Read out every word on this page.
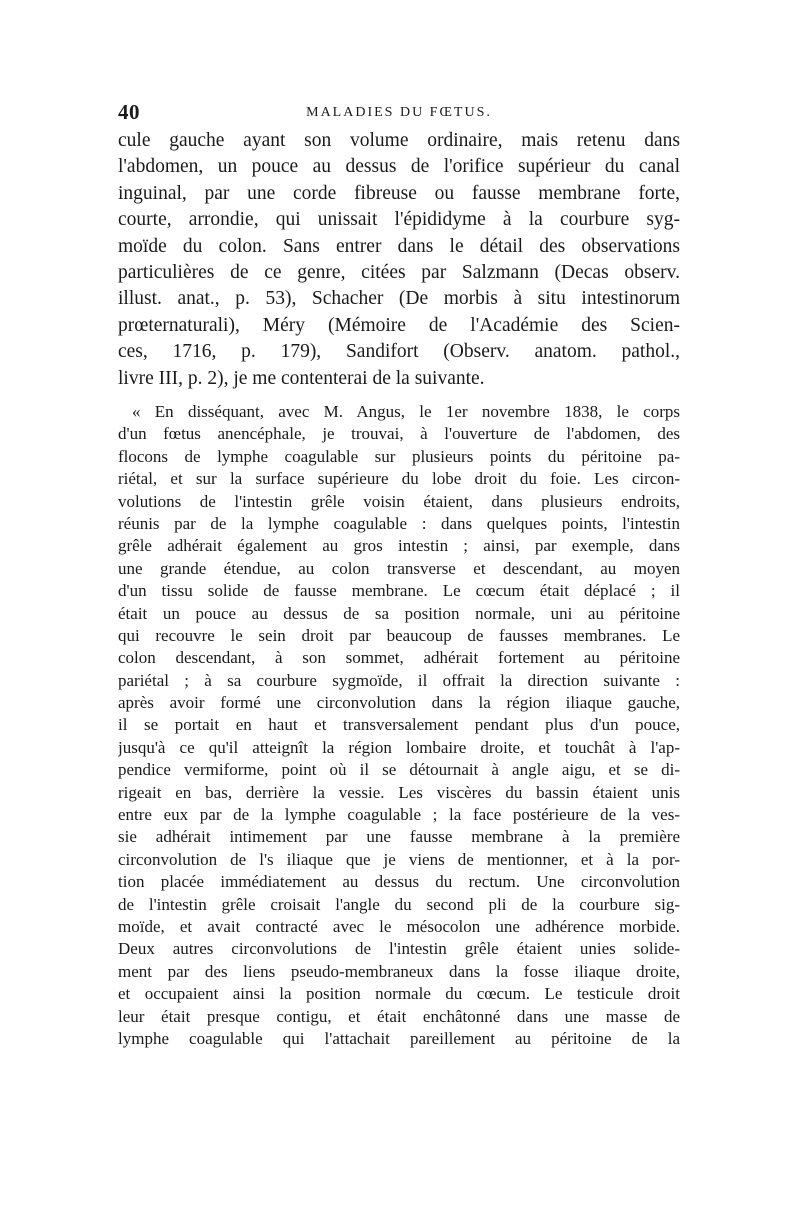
40	MALADIES DU FŒTUS.
cule gauche ayant son volume ordinaire, mais retenu dans
l'abdomen, un pouce au dessus de l'orifice supérieur du canal
inguinal, par une corde fibreuse ou fausse membrane forte,
courte, arrondie, qui unissait l'épididyme à la courbure syg-
moïde du colon. Sans entrer dans le détail des observations
particulières de ce genre, citées par Salzmann (Decas observ.
illust. anat., p. 53), Schacher (De morbis à situ intestinorum
prœternaturali), Méry (Mémoire de l'Académie des Scien-
ces, 1716, p. 179), Sandifort (Observ. anatom. pathol.,
livre III, p. 2), je me contenterai de la suivante.
« En disséquant, avec M. Angus, le 1er novembre 1838, le corps
d'un fœtus anencéphale, je trouvai, à l'ouverture de l'abdomen, des
flocons de lymphe coagulable sur plusieurs points du péritoine pa-
riétal, et sur la surface supérieure du lobe droit du foie. Les circon-
volutions de l'intestin grêle voisin étaient, dans plusieurs endroits,
réunis par de la lymphe coagulable : dans quelques points, l'intestin
grêle adhérait également au gros intestin ; ainsi, par exemple, dans
une grande étendue, au colon transverse et descendant, au moyen
d'un tissu solide de fausse membrane. Le cœcum était déplacé ; il
était un pouce au dessus de sa position normale, uni au péritoine
qui recouvre le sein droit par beaucoup de fausses membranes. Le
colon descendant, à son sommet, adhérait fortement au péritoine
pariétal ; à sa courbure sygmoïde, il offrait la direction suivante :
après avoir formé une circonvolution dans la région iliaque gauche,
il se portait en haut et transversalement pendant plus d'un pouce,
jusqu'à ce qu'il atteignît la région lombaire droite, et touchât à l'ap-
pendice vermiforme, point où il se détournait à angle aigu, et se di-
rigeait en bas, derrière la vessie. Les viscères du bassin étaient unis
entre eux par de la lymphe coagulable ; la face postérieure de la ves-
sie adhérait intimement par une fausse membrane à la première
circonvolution de l's iliaque que je viens de mentionner, et à la por-
tion placée immédiatement au dessus du rectum. Une circonvolution
de l'intestin grêle croisait l'angle du second pli de la courbure sig-
moïde, et avait contracté avec le mésocolon une adhérence morbide.
Deux autres circonvolutions de l'intestin grêle étaient unies solide-
ment par des liens pseudo-membraneux dans la fosse iliaque droite,
et occupaient ainsi la position normale du cœcum. Le testicule droit
leur était presque contigu, et était enchâtonné dans une masse de
lymphe coagulable qui l'attachait pareillement au péritoine de la
